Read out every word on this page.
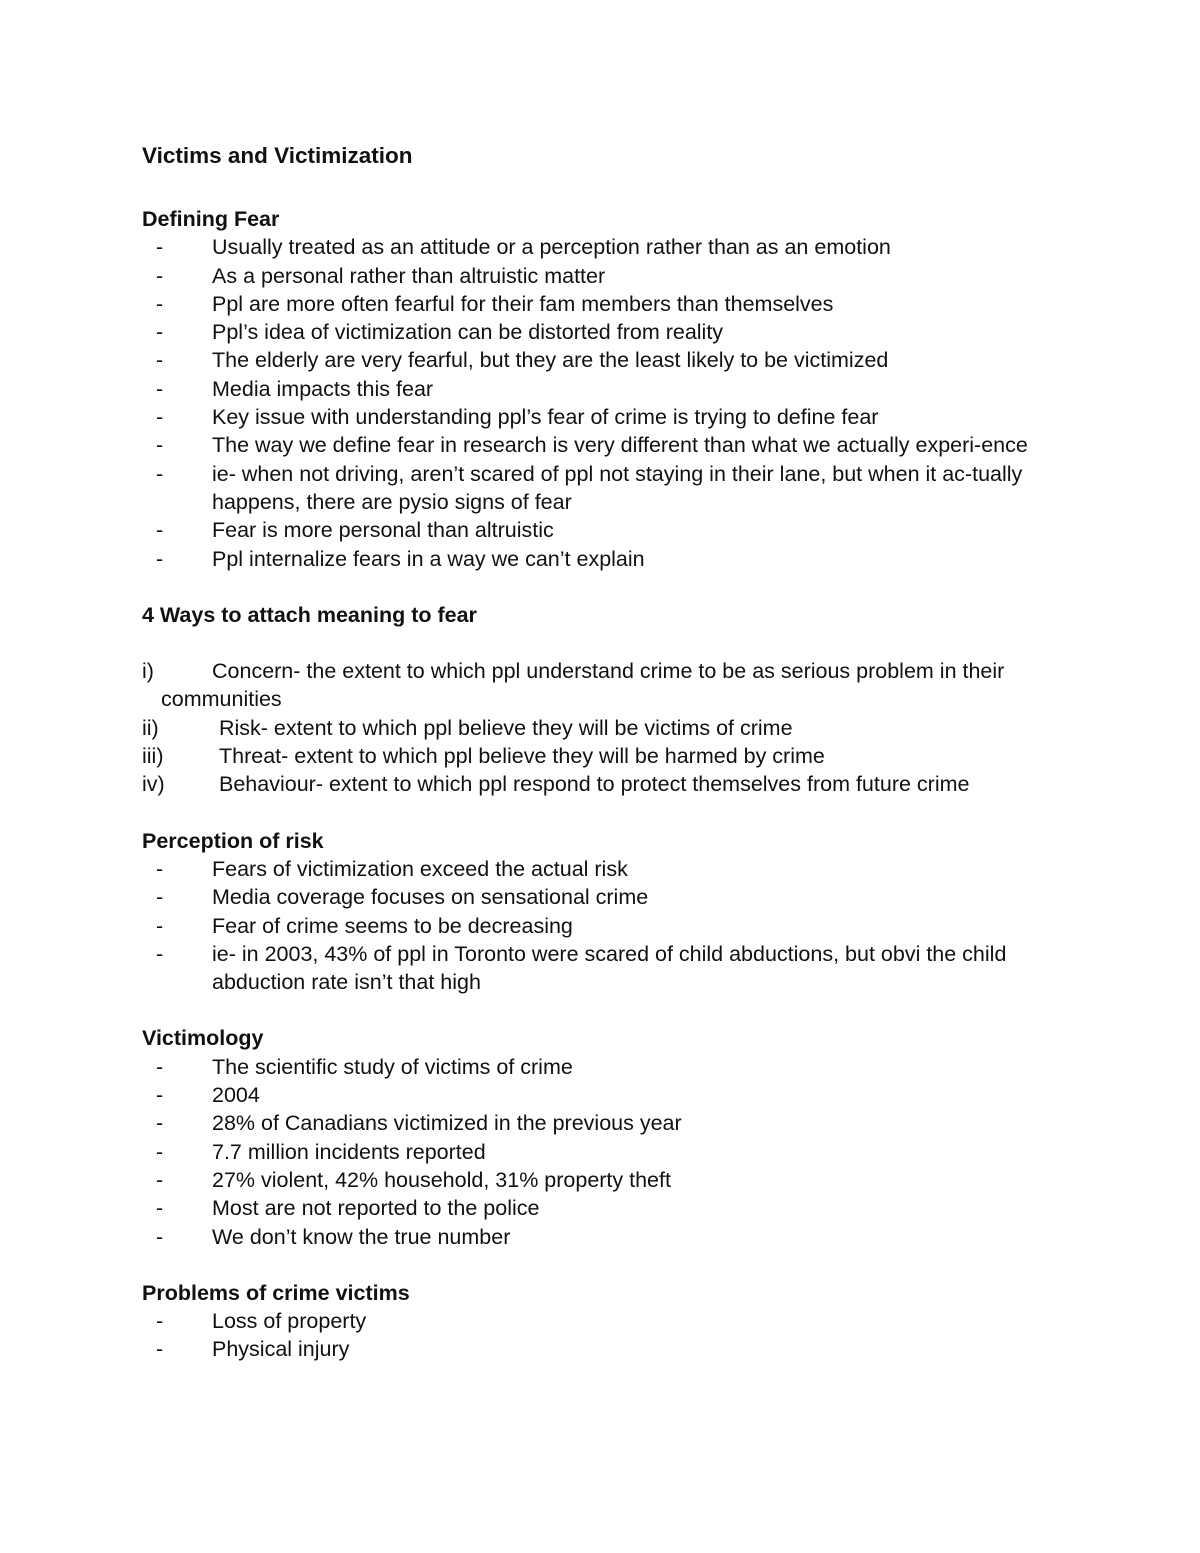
Victims and Victimization
Defining Fear
- Usually treated as an attitude or a perception rather than as an emotion
- As a personal rather than altruistic matter
- Ppl are more often fearful for their fam members than themselves
- Ppl’s idea of victimization can be distorted from reality
- The elderly are very fearful, but they are the least likely to be victimized
- Media impacts this fear
- Key issue with understanding ppl’s fear of crime is trying to define fear
- The way we define fear in research is very different than what we actually experi-ence
- ie- when not driving, aren’t scared of ppl not staying in their lane, but when it ac-tually happens, there are pysio signs of fear
- Fear is more personal than altruistic
- Ppl internalize fears in a way we can’t explain
4 Ways to attach meaning to fear
i)	Concern- the extent to which ppl understand crime to be as serious problem in their communities
ii)	Risk- extent to which ppl believe they will be victims of crime
iii)	Threat- extent to which ppl believe they will be harmed by crime
iv)	Behaviour- extent to which ppl respond to protect themselves from future crime
Perception of risk
- Fears of victimization exceed the actual risk
- Media coverage focuses on sensational crime
- Fear of crime seems to be decreasing
- ie- in 2003, 43% of ppl in Toronto were scared of child abductions, but obvi the child abduction rate isn’t that high
Victimology
- The scientific study of victims of crime
- 2004
- 28% of Canadians victimized in the previous year
- 7.7 million incidents reported
- 27% violent, 42% household, 31% property theft
- Most are not reported to the police
- We don’t know the true number
Problems of crime victims
- Loss of property
- Physical injury
